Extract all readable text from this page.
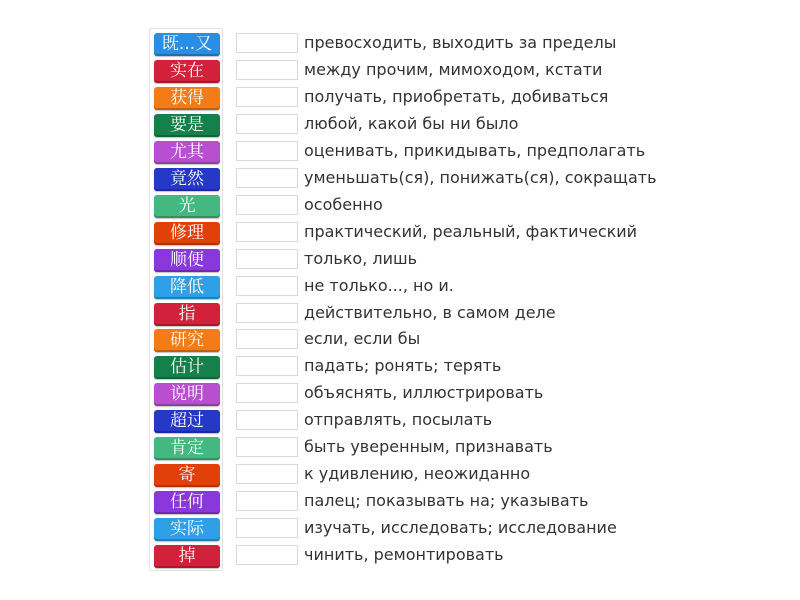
既...又
实在
获得
要是
尤其
竟然
光
修理
顺便
降低
指
研究
估计
说明
超过
肯定
寄
任何
实际
掉
превосходить, выходить за пределы
между прочим, мимоходом, кстати
получать, приобретать, добиваться
любой, какой бы ни было
оценивать, прикидывать, предполагать
уменьшать(ся), понижать(ся), сокращать
особенно
практический, реальный, фактический
только, лишь
не только..., но и.
действительно, в самом деле
если, если бы
падать; ронять; терять
объяснять, иллюстрировать
отправлять, посылать
быть уверенным, признавать
к удивлению, неожиданно
палец; показывать на; указывать
изучать, исследовать; исследование
чинить, ремонтировать
